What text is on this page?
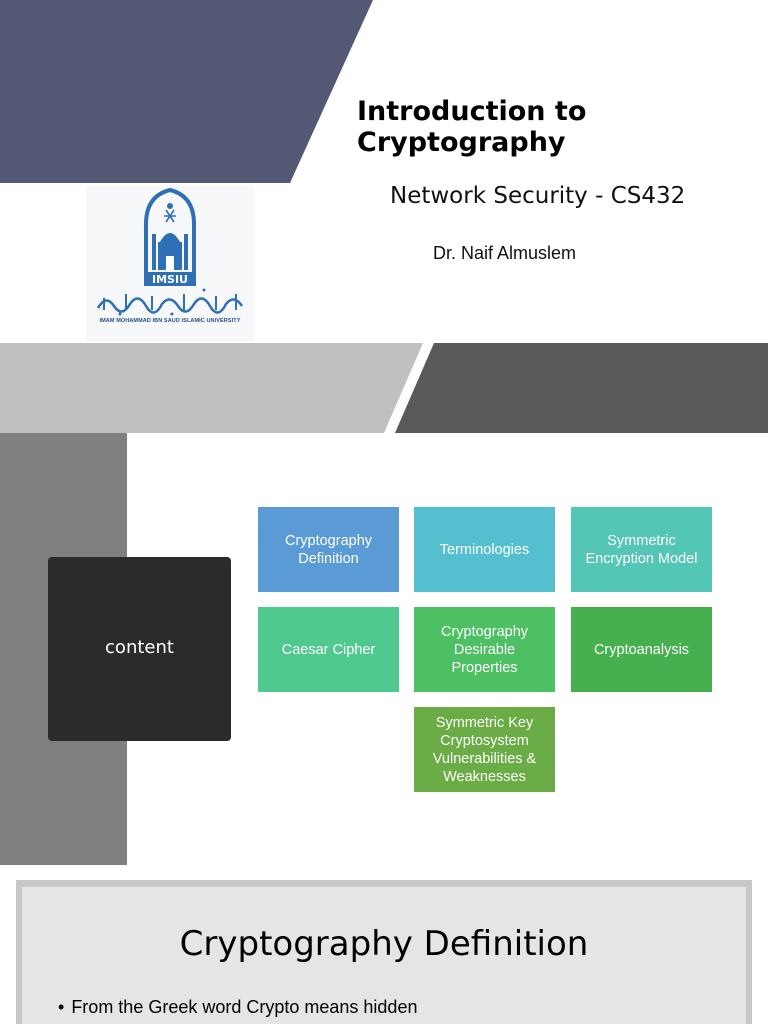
Introduction to Cryptography
Network Security - CS432
Dr. Naif Almuslem
IMSIU
IMAM MOHAMMAD IBN SAUD ISLAMIC UNIVERSITY
content
Cryptography Definition
Terminologies
Symmetric Encryption Model
Caesar Cipher
Cryptography Desirable Properties
Cryptoanalysis
Symmetric Key Cryptosystem Vulnerabilities & Weaknesses
Cryptography Definition
• From the Greek word Crypto means hidden
